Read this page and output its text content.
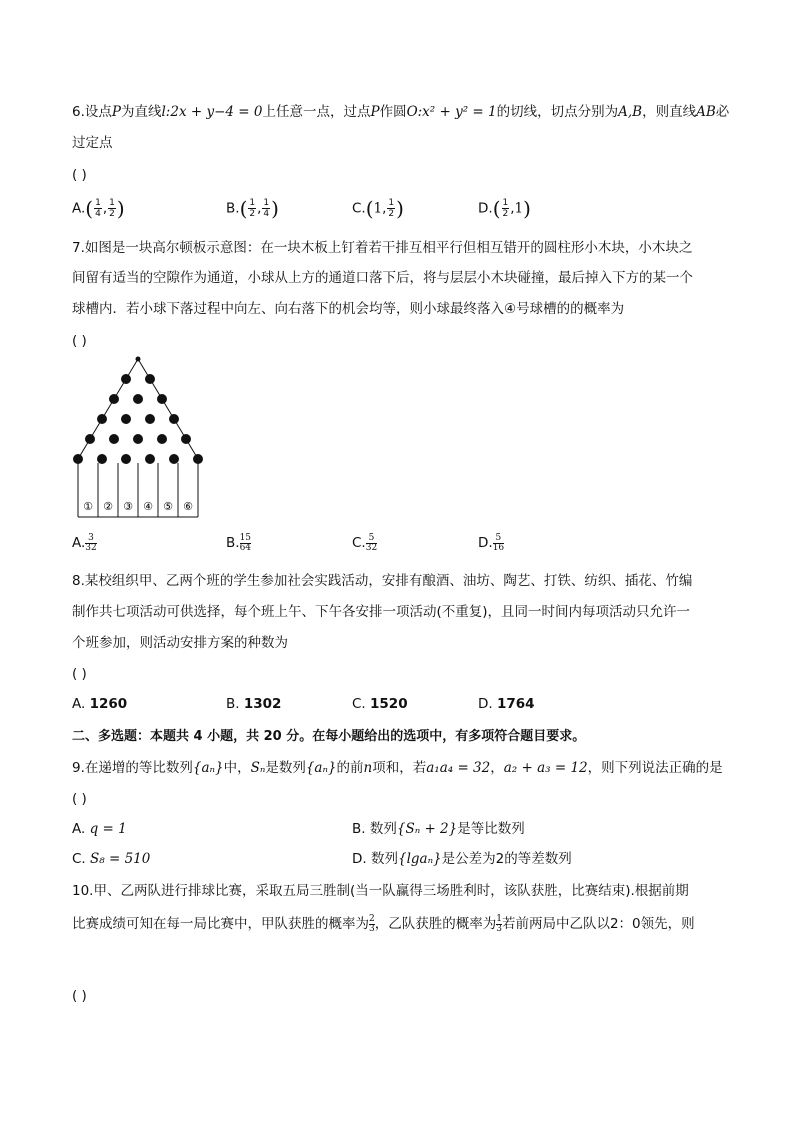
6.设点P为直线l:2x + y−4 = 0上任意一点，过点P作圆O:x² + y² = 1的切线，切点分别为A,B，则直线AB必
过定点
( )
$A.( \frac{1}{4}$ , $\frac{1}{2}$ )	$B.( \frac{1}{2}$ , $\frac{1}{4}$ )	C.(1, $\frac{1}{2}$ )	$D.( \frac{1}{2} ,1)$
7.如图是一块高尔顿板示意图：在一块木板上钉着若干排互相平行但相互错开的圆柱形小木块，小木块之
间留有适当的空隙作为通道，小球从上方的通道口落下后，将与层层小木块碰撞，最后掉入下方的某一个
球槽内．若小球下落过程中向左、向右落下的机会均等，则小球最终落入④号球槽的的概率为
( )
① ② ③ ④ ⑤ ⑥
A. $\frac{3}{32}$	B. $\frac{15}{64}$	C. $\frac{5}{32}$	D. $\frac{5}{16}$
8.某校组织甲、乙两个班的学生参加社会实践活动，安排有酿酒、油坊、陶艺、打铁、纺织、插花、竹编
制作共七项活动可供选择，每个班上午、下午各安排一项活动(不重复)，且同一时间内每项活动只允许一
个班参加，则活动安排方案的种数为
( )
A. 1260	B. 1302	C. 1520	D. 1764
二、多选题：本题共 4 小题，共 20 分。在每小题给出的选项中，有多项符合题目要求。
9.在递增的等比数列{aₙ}中，Sₙ是数列{aₙ}的前n项和，若a₁a₄ = 32，a₂ + a₃ = 12，则下列说法正确的是
( )
A. q = 1	B. 数列{Sₙ + 2}是等比数列
C. S₈ = 510	D. 数列{lgaₙ}是公差为2的等差数列
10.甲、乙两队进行排球比赛，采取五局三胜制(当一队赢得三场胜利时，该队获胜，比赛结束).根据前期
比赛成绩可知在每一局比赛中，甲队获胜的概率为 $\frac{2}{3}$ ，乙队获胜的概率为 $\frac{1}{3}$ 若前两局中乙队以2：0领先，则
( )
